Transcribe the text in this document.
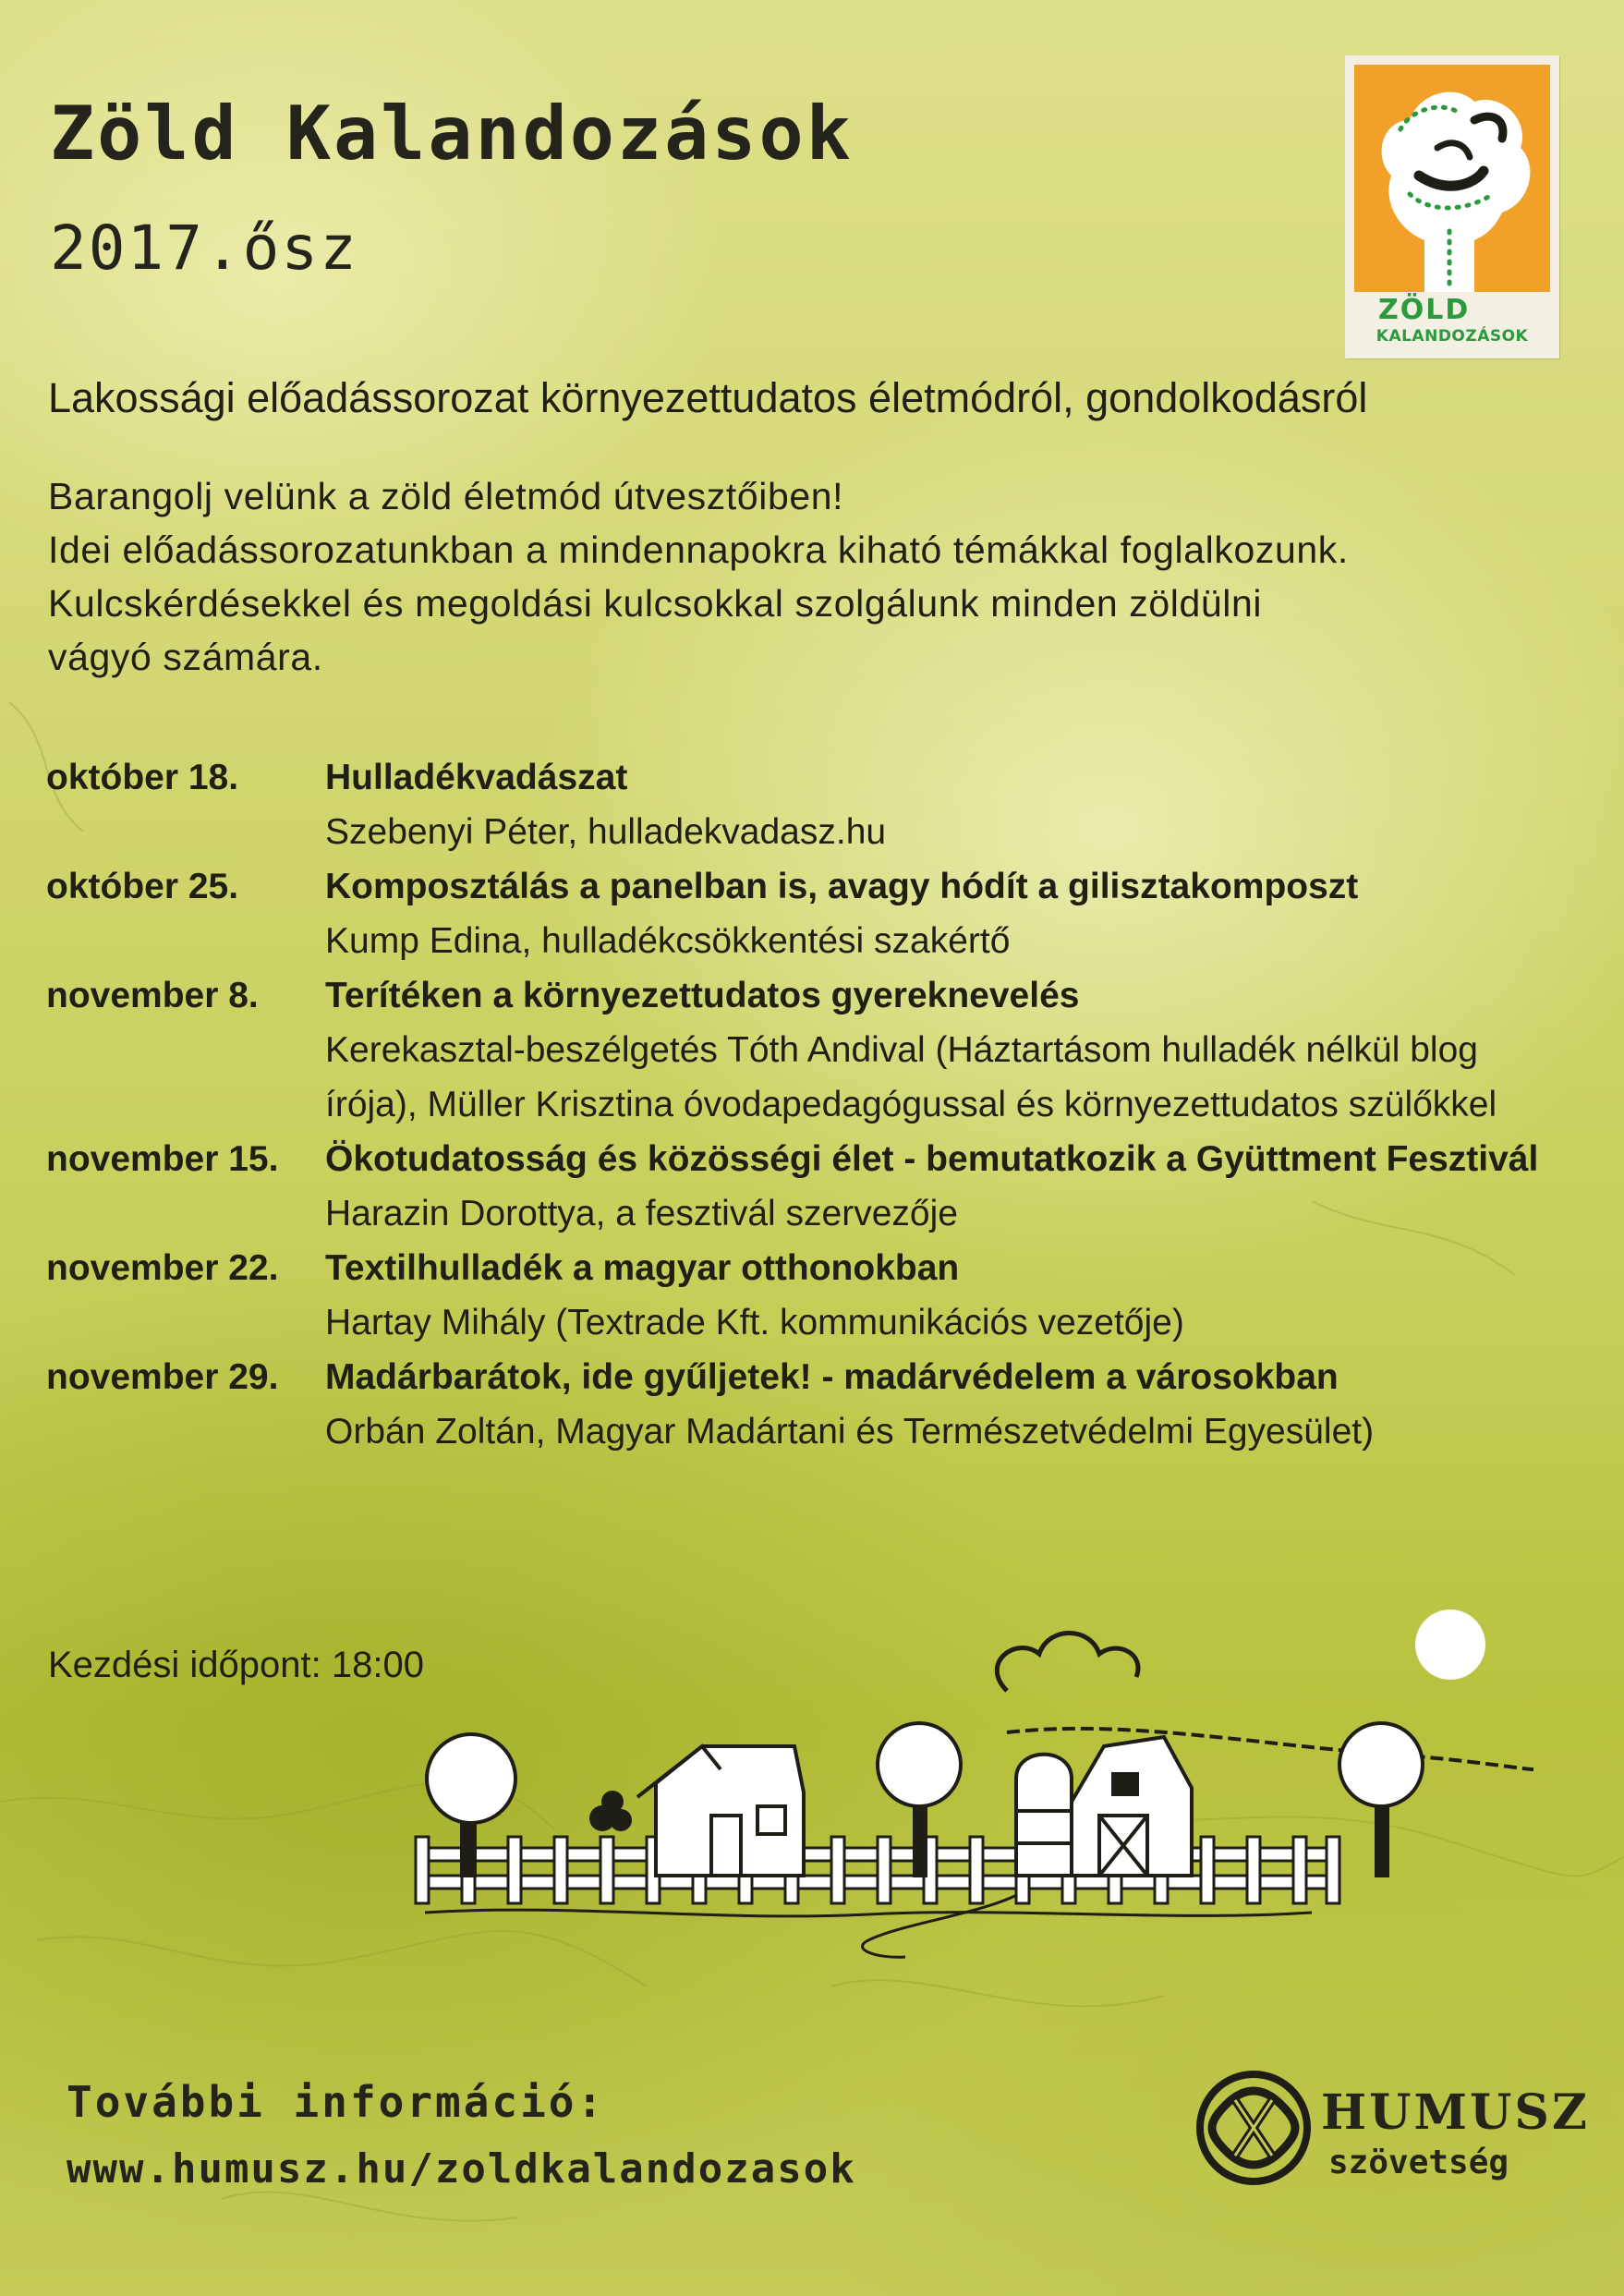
Zöld Kalandozások
2017.ősz
ZÖLD
KALANDOZÁSOK
Lakossági előadássorozat környezettudatos életmódról, gondolkodásról
Barangolj velünk a zöld életmód útvesztőiben!
Idei előadássorozatunkban a mindennapokra kiható témákkal foglalkozunk.
Kulcskérdésekkel és megoldási kulcsokkal szolgálunk minden zöldülni
vágyó számára.
október 18.	Hulladékvadászat
Szebenyi Péter, hulladekvadasz.hu
október 25.	Komposztálás a panelban is, avagy hódít a gilisztakomposzt
Kump Edina, hulladékcsökkentési szakértő
november 8.	Terítéken a környezettudatos gyereknevelés
Kerekasztal-beszélgetés Tóth Andival (Háztartásom hulladék nélkül blog írója), Müller Krisztina óvodapedagógussal és környezettudatos szülőkkel
november 15.	Ökotudatosság és közösségi élet - bemutatkozik a Gyüttment Fesztivál
Harazin Dorottya, a fesztivál szervezője
november 22.	Textilhulladék a magyar otthonokban
Hartay Mihály (Textrade Kft. kommunikációs vezetője)
november 29.	Madárbarátok, ide gyűljetek! - madárvédelem a városokban
Orbán Zoltán, Magyar Madártani és Természetvédelmi Egyesület)
Kezdési időpont: 18:00
További információ:
www.humusz.hu/zoldkalandozasok
HUMUSZ
szövetség
